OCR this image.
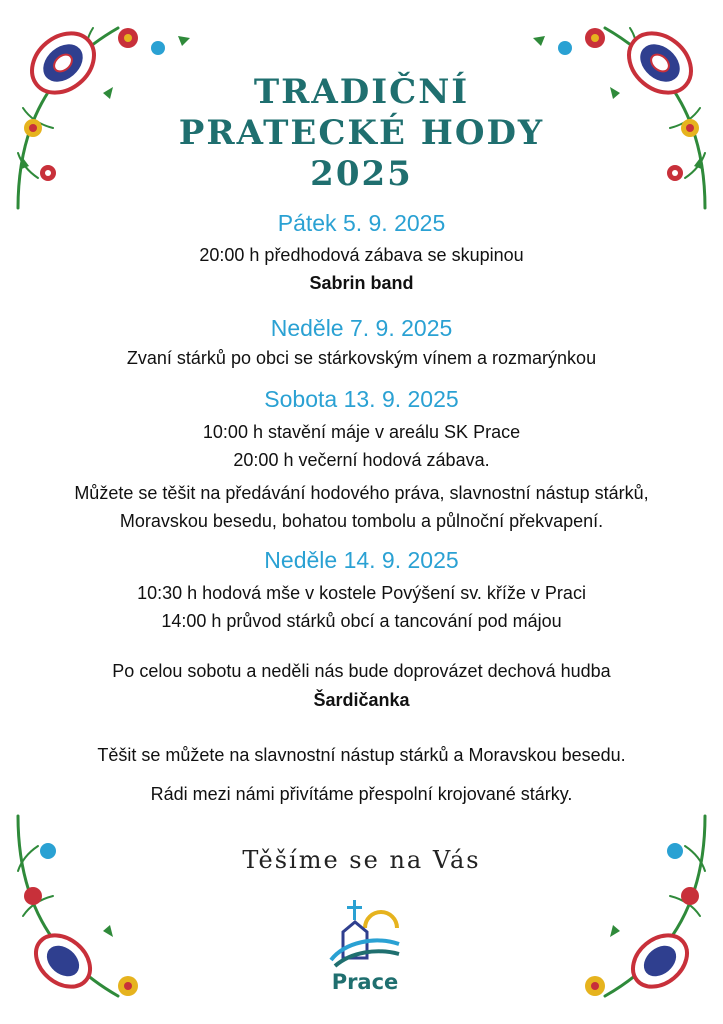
TRADIČNÍ
PRATECKÉ HODY
2025
Pátek 5. 9. 2025
20:00 h předhodová zábava se skupinou
Sabrin band
Neděle 7. 9. 2025
Zvaní stárků po obci se stárkovským vínem a rozmarýnkou
Sobota 13. 9. 2025
10:00 h stavění máje v areálu SK Prace
20:00 h večerní hodová zábava.
Můžete se těšit na předávání hodového práva, slavnostní nástup stárků,
Moravskou besedu, bohatou tombolu a půlnoční překvapení.
Neděle 14. 9. 2025
10:30 h hodová mše v kostele Povýšení sv. kříže v Praci
14:00 h průvod stárků obcí a tancování pod májou
Po celou sobotu a neděli nás bude doprovázet dechová hudba
Šardičanka
Těšit se můžete na slavnostní nástup stárků a Moravskou besedu.
Rádi mezi námi přivítáme přespolní krojované stárky.
Těšíme se na Vás
Prace
